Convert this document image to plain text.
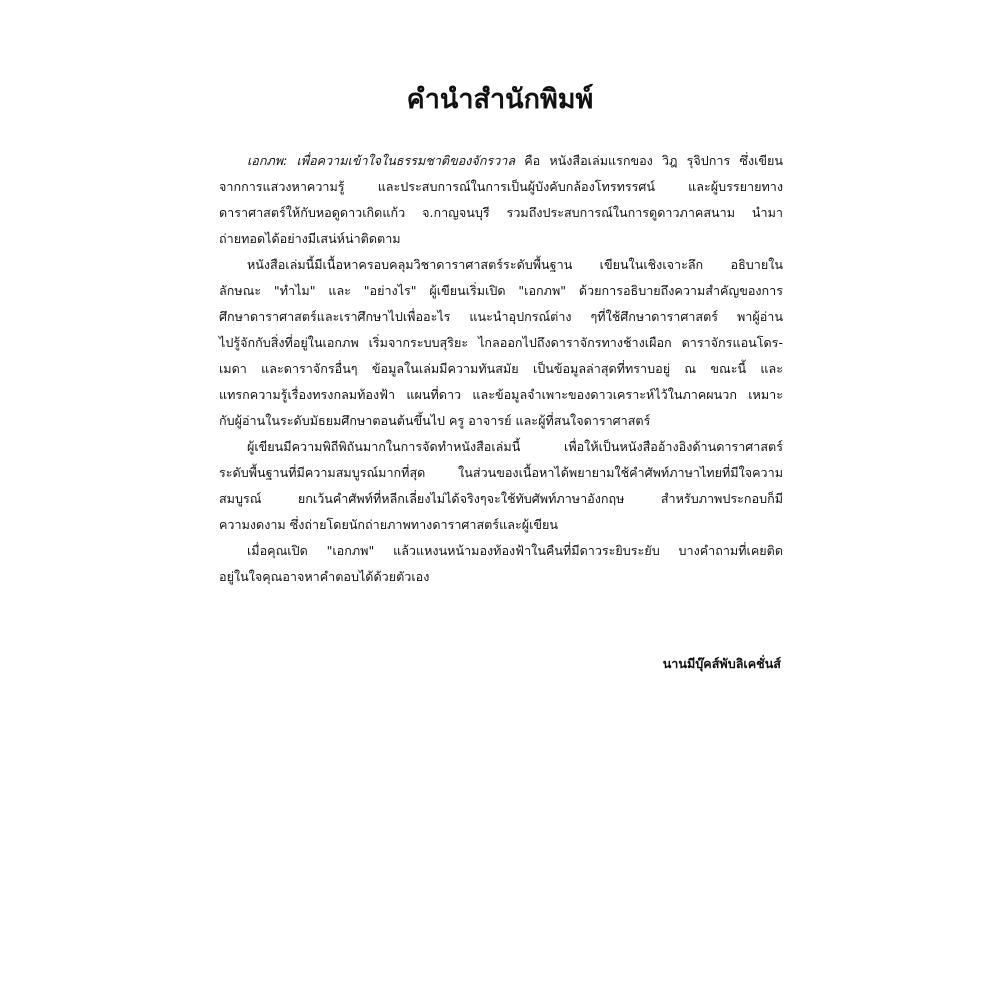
คำนำสำนักพิมพ์

เอกภพ: เพื่อความเข้าใจในธรรมชาติของจักรวาล คือ หนังสือเล่มแรกของ วิฎ รุจิปการ ซึ่งเขียน
จากการแสวงหาความรู้ และประสบการณ์ในการเป็นผู้บังคับกล้องโทรทรรศน์ และผู้บรรยายทาง
ดาราศาสตร์ให้กับหอดูดาวเกิดแก้ว จ.กาญจนบุรี รวมถึงประสบการณ์ในการดูดาวภาคสนาม นำมา
ถ่ายทอดได้อย่างมีเสน่ห์น่าติดตาม

หนังสือเล่มนี้มีเนื้อหาครอบคลุมวิชาดาราศาสตร์ระดับพื้นฐาน เขียนในเชิงเจาะลึก อธิบายใน
ลักษณะ "ทำไม" และ "อย่างไร" ผู้เขียนเริ่มเปิด "เอกภพ" ด้วยการอธิบายถึงความสำคัญของการ
ศึกษาดาราศาสตร์และเราศึกษาไปเพื่ออะไร แนะนำอุปกรณ์ต่าง ๆที่ใช้ศึกษาดาราศาสตร์ พาผู้อ่าน
ไปรู้จักกับสิ่งที่อยู่ในเอกภพ เริ่มจากระบบสุริยะ ไกลออกไปถึงดาราจักรทางช้างเผือก ดาราจักรแอนโดร-
เมดา และดาราจักรอื่นๆ ข้อมูลในเล่มมีความทันสมัย เป็นข้อมูลล่าสุดที่ทราบอยู่ ณ ขณะนี้ และ
แทรกความรู้เรื่องทรงกลมท้องฟ้า แผนที่ดาว และข้อมูลจำเพาะของดาวเคราะห์ไว้ในภาคผนวก เหมาะ
กับผู้อ่านในระดับมัธยมศึกษาตอนต้นขึ้นไป ครู อาจารย์ และผู้ที่สนใจดาราศาสตร์

ผู้เขียนมีความพิถีพิถันมากในการจัดทำหนังสือเล่มนี้ เพื่อให้เป็นหนังสืออ้างอิงด้านดาราศาสตร์
ระดับพื้นฐานที่มีความสมบูรณ์มากที่สุด ในส่วนของเนื้อหาได้พยายามใช้คำศัพท์ภาษาไทยที่มีใจความ
สมบูรณ์ ยกเว้นคำศัพท์ที่หลีกเลี่ยงไม่ได้จริงๆจะใช้ทับศัพท์ภาษาอังกฤษ สำหรับภาพประกอบก็มี
ความงดงาม ซึ่งถ่ายโดยนักถ่ายภาพทางดาราศาสตร์และผู้เขียน

เมื่อคุณเปิด "เอกภพ" แล้วแหงนหน้ามองท้องฟ้าในคืนที่มีดาวระยิบระยับ บางคำถามที่เคยติด
อยู่ในใจคุณอาจหาคำตอบได้ด้วยตัวเอง

นานมีบุ๊คส์พับลิเคชั่นส์
